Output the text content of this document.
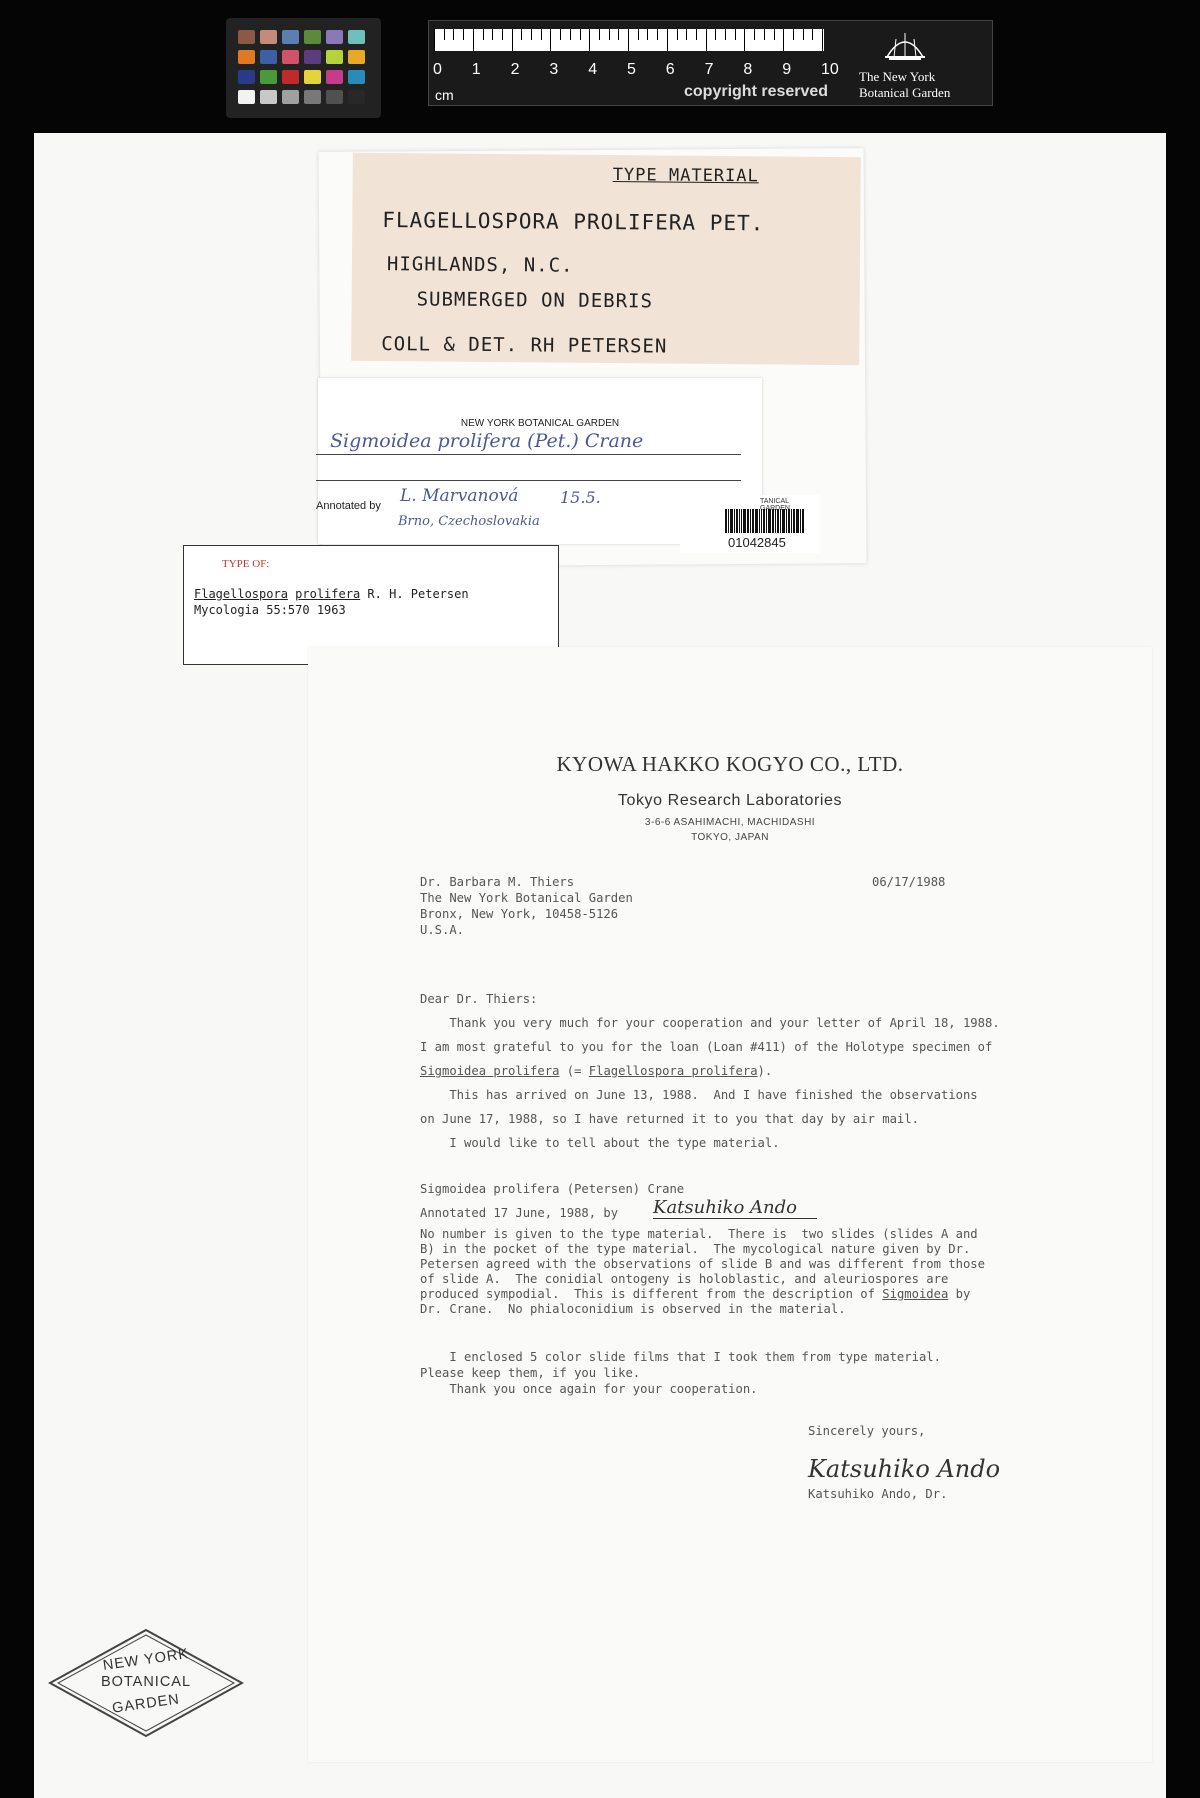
cm	copyright reserved
The New York
Botanical Garden
0 1 2 3 4 5 6 7 8 9 10
TYPE MATERIAL
FLAGELLOSPORA PROLIFERA PET.
HIGHLANDS, N.C.
SUBMERGED ON DEBRIS
COLL & DET. RH PETERSEN
NEW YORK BOTANICAL GARDEN
Sigmoidea prolifera (Pet.) Crane
Annotated by L. Marvanová	15.5.
Brno, Czechoslovakia
TANICAL
01042845
TYPE OF:
Flagellospora prolifera R. H. Petersen
Mycologia 55:570 1963
KYOWA HAKKO KOGYO CO., LTD.
Tokyo Research Laboratories
3-6-6 ASAHIMACHI, MACHIDASHI
TOKYO, JAPAN
Dr. Barbara M. Thiers
The New York Botanical Garden
Bronx, New York, 10458-5126
U.S.A.
06/17/1988
Dear Dr. Thiers:
Thank you very much for your cooperation and your letter of April 18, 1988.
I am most grateful to you for the loan (Loan #411) of the Holotype specimen of
Sigmoidea prolifera (= Flagellospora prolifera).
This has arrived on June 13, 1988.  And I have finished the observations
on June 17, 1988, so I have returned it to you that day by air mail.
I would like to tell about the type material.
Sigmoidea prolifera (Petersen) Crane
Annotated 17 June, 1988, by Katsuhiko Ando
No number is given to the type material.  There is  two slides (slides A and
B) in the pocket of the type material.  The mycological nature given by Dr.
Petersen agreed with the observations of slide B and was different from those
of slide A.  The conidial ontogeny is holoblastic, and aleuriospores are
produced sympodial.  This is different from the description of Sigmoidea by
Dr. Crane.  No phialoconidium is observed in the material.
I enclosed 5 color slide films that I took them from type material.
Please keep them, if you like.
Thank you once again for your cooperation.
Sincerely yours,
Katsuhiko Ando
Katsuhiko Ando, Dr.
NEW YORK
BOTANICAL
GARDEN
